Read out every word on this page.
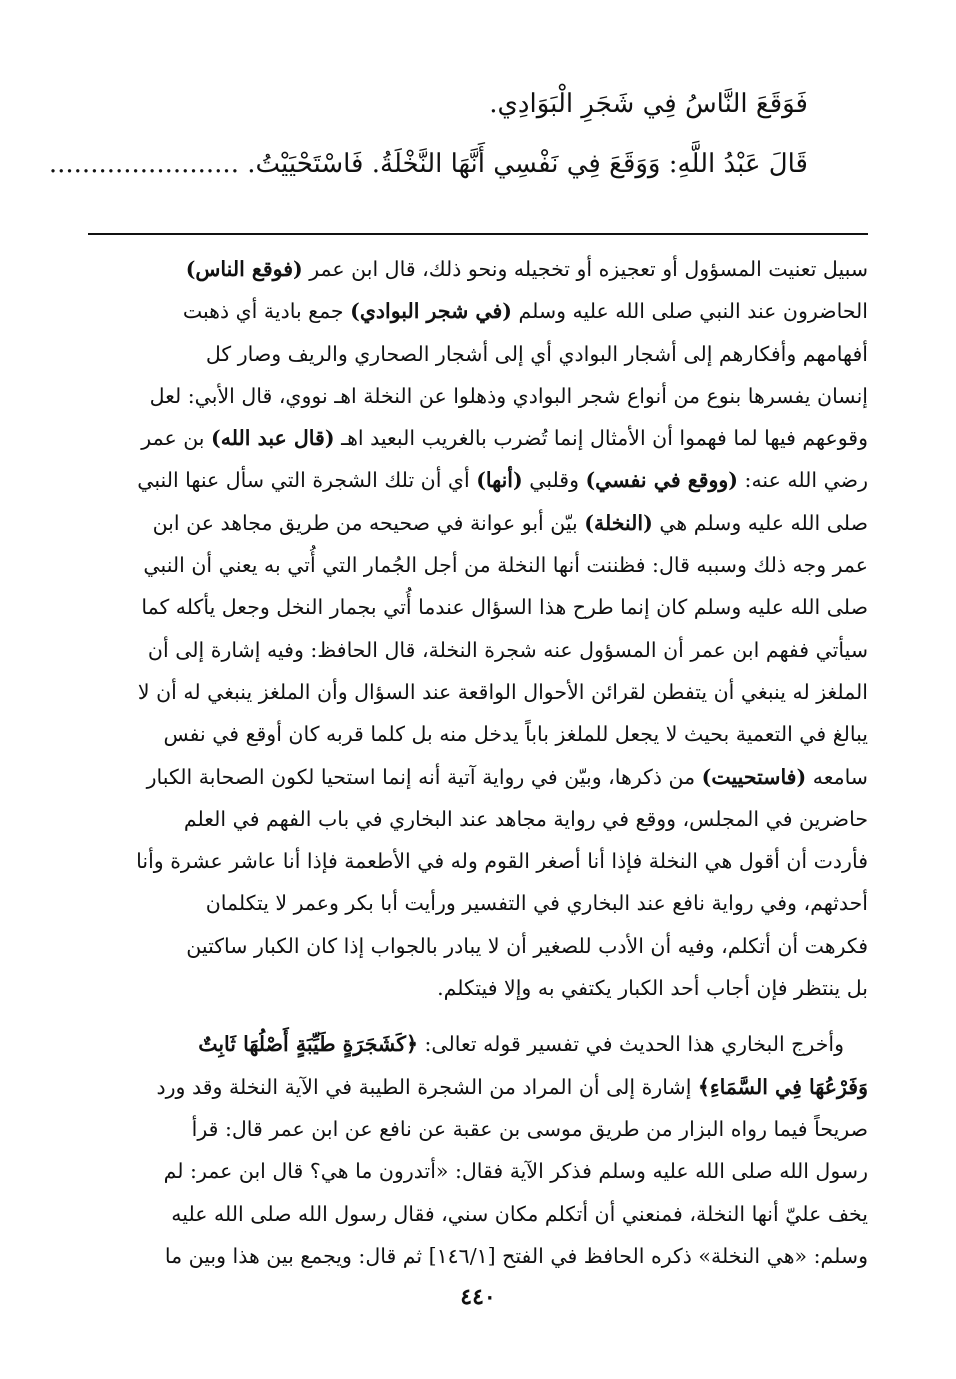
فَوَقَعَ النَّاسُ فِي شَجَرِ الْبَوَادِي.
قَالَ عَبْدُ اللَّهِ: وَوَقَعَ فِي نَفْسِي أَنَّهَا النَّخْلَةُ. فَاسْتَحْيَيْتُ. .......................

سبيل تعنيت المسؤول أو تعجيزه أو تخجيله ونحو ذلك، قال ابن عمر (فوقع الناس)
الحاضرون عند النبي صلى الله عليه وسلم (في شجر البوادي) جمع بادية أي ذهبت
أفهامهم وأفكارهم إلى أشجار البوادي أي إلى أشجار الصحاري والريف وصار كل
إنسان يفسرها بنوع من أنواع شجر البوادي وذهلوا عن النخلة اهـ نووي، قال الأبي: لعل
وقوعهم فيها لما فهموا أن الأمثال إنما تُضرب بالغريب البعيد اهـ (قال عبد الله) بن عمر
رضي الله عنه: (ووقع في نفسي) وقلبي (أنها) أي أن تلك الشجرة التي سأل عنها النبي
صلى الله عليه وسلم هي (النخلة) بيّن أبو عوانة في صحيحه من طريق مجاهد عن ابن
عمر وجه ذلك وسببه قال: فظننت أنها النخلة من أجل الجُمار التي أُتي به يعني أن النبي
صلى الله عليه وسلم كان إنما طرح هذا السؤال عندما أُتي بجمار النخل وجعل يأكله كما
سيأتي ففهم ابن عمر أن المسؤول عنه شجرة النخلة، قال الحافظ: وفيه إشارة إلى أن
الملغز له ينبغي أن يتفطن لقرائن الأحوال الواقعة عند السؤال وأن الملغز ينبغي له أن لا
يبالغ في التعمية بحيث لا يجعل للملغز باباً يدخل منه بل كلما قربه كان أوقع في نفس
سامعه (فاستحييت) من ذكرها، وبيّن في رواية آتية أنه إنما استحيا لكون الصحابة الكبار
حاضرين في المجلس، ووقع في رواية مجاهد عند البخاري في باب الفهم في العلم
فأردت أن أقول هي النخلة فإذا أنا أصغر القوم وله في الأطعمة فإذا أنا عاشر عشرة وأنا
أحدثهم، وفي رواية نافع عند البخاري في التفسير ورأيت أبا بكر وعمر لا يتكلمان
فكرهت أن أتكلم، وفيه أن الأدب للصغير أن لا يبادر بالجواب إذا كان الكبار ساكتين
بل ينتظر فإن أجاب أحد الكبار يكتفي به وإلا فيتكلم.

وأخرج البخاري هذا الحديث في تفسير قوله تعالى: ﴿كَشَجَرَةٍ طَيِّبَةٍ أَصْلُهَا ثَابِتٌ
وَفَرْعُهَا فِي السَّمَاءِ﴾ إشارة إلى أن المراد من الشجرة الطيبة في الآية النخلة وقد ورد
صريحاً فيما رواه البزار من طريق موسى بن عقبة عن نافع عن ابن عمر قال: قرأ
رسول الله صلى الله عليه وسلم فذكر الآية فقال: «أتدرون ما هي؟ قال ابن عمر: لم
يخف عليّ أنها النخلة، فمنعني أن أتكلم مكان سني، فقال رسول الله صلى الله عليه
وسلم: «هي النخلة» ذكره الحافظ في الفتح [١٤٦/١] ثم قال: ويجمع بين هذا وبين ما

٤٤٠
